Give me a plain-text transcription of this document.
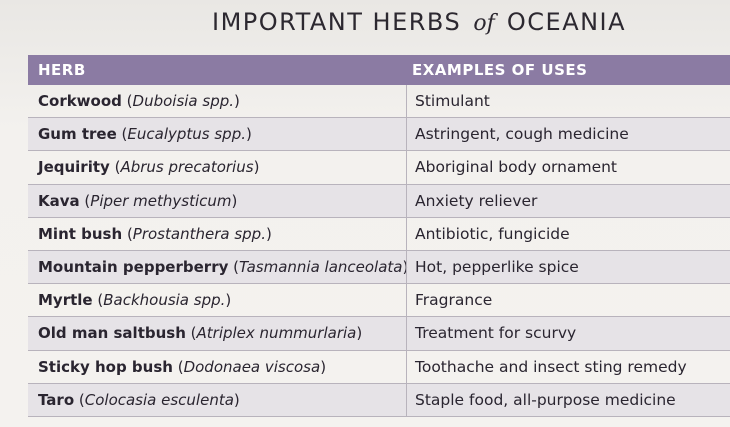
IMPORTANT HERBS of OCEANIA
HERB	EXAMPLES OF USES
Corkwood (Duboisia spp.)	Stimulant
Gum tree (Eucalyptus spp.)	Astringent, cough medicine
Jequirity (Abrus precatorius)	Aboriginal body ornament
Kava (Piper methysticum)	Anxiety reliever
Mint bush (Prostanthera spp.)	Antibiotic, fungicide
Mountain pepperberry (Tasmannia lanceolata) Hot, pepperlike spice
Myrtle (Backhousia spp.)	Fragrance
Old man saltbush (Atriplex nummurlaria)	Treatment for scurvy
Sticky hop bush (Dodonaea viscosa)	Toothache and insect sting remedy
Taro (Colocasia esculenta)	Staple food, all-purpose medicine
